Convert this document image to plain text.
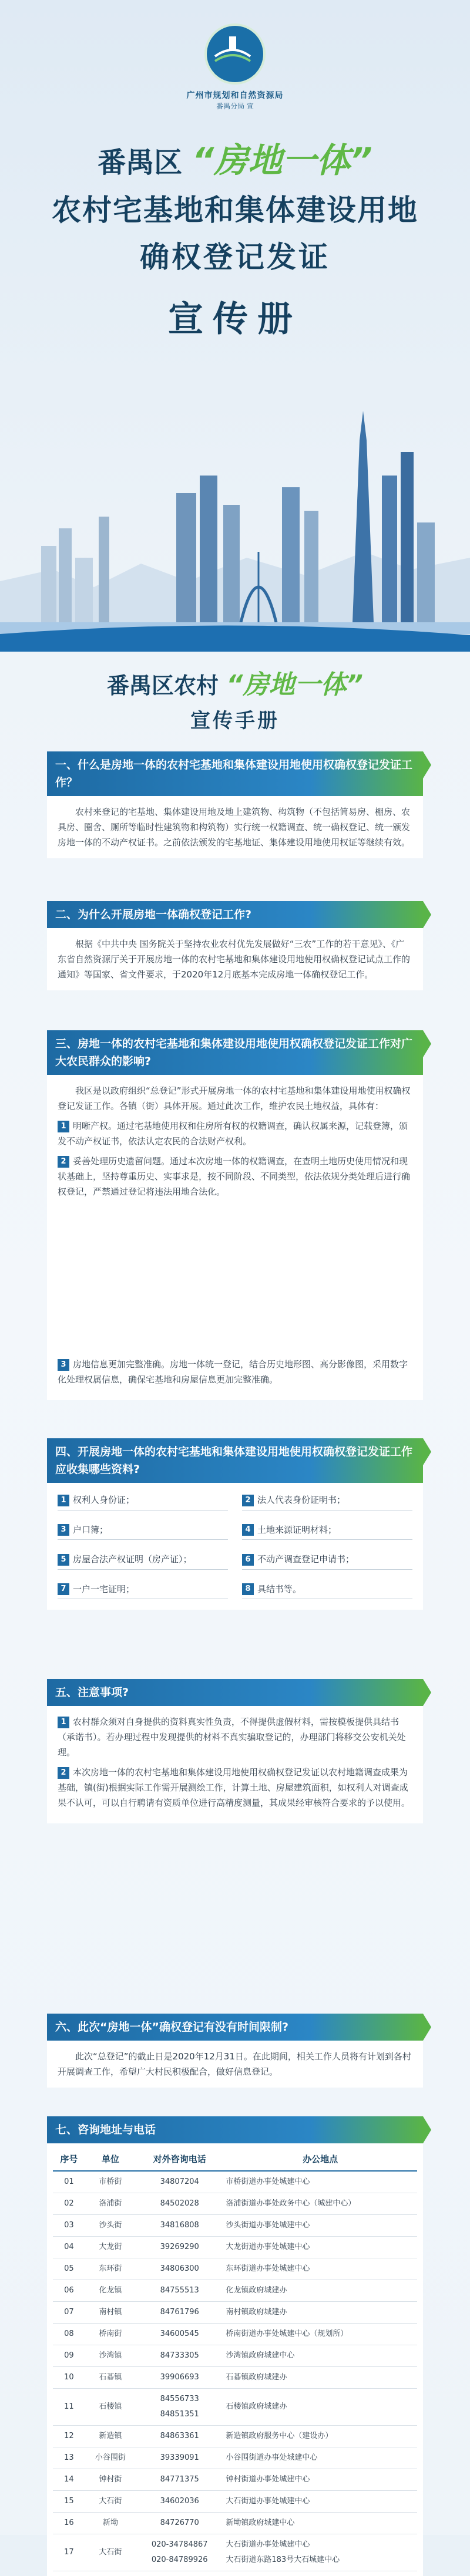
广州市规划和自然资源局
番禺分局 宣
番禺区 “房地一体”
农村宅基地和集体建设用地
确权登记发证
宣传册
番禺区农村 “房地一体”
宣传手册
一、什么是房地一体的农村宅基地和集体建设用地使用权确权登记发证工作？

农村来登记的宅基地、集体建设用地及地上建筑物、构筑物（不包括简易房、棚房、农具房、圈舍、厕所等临时性建筑物和构筑物）实行统一权籍调查、统一确权登记、统一颁发房地一体的不动产权证书。之前依法颁发的宅基地证、集体建设用地使用权证等继续有效。

二、为什么开展房地一体确权登记工作?

根据《中共中央 国务院关于坚持农业农村优先发展做好“三农”工作的若干意见》、《广东省自然资源厅关于开展房地一体的农村宅基地和集体建设用地使用权确权登记试点工作的通知》等国家、省文件要求，于2020年12月底基本完成房地一体确权登记工作。

三、房地一体的农村宅基地和集体建设用地使用权确权登记发证工作对广大农民群众的影响?

我区是以政府组织“总登记”形式开展房地一体的农村宅基地和集体建设用地使用权确权登记发证工作。各镇（街）具体开展。通过此次工作，维护农民土地权益，具体有：

1 明晰产权。通过宅基地使用权和住房所有权的权籍调查，确认权属来源，记载登簿，颁发不动产权证书，依法认定农民的合法财产权利。

2 妥善处理历史遗留问题。通过本次房地一体的权籍调查，在查明土地历史使用情况和现状基础上，坚持尊重历史、实事求是，按不同阶段、不同类型，依法依规分类处理后进行确权登记，严禁通过登记将违法用地合法化。

3 房地信息更加完整准确。房地一体统一登记，结合历史地形图、高分影像图，采用数字化处理权属信息，确保宅基地和房屋信息更加完整准确。

四、开展房地一体的农村宅基地和集体建设用地使用权确权登记发证工作应收集哪些资料?
1 权利人身份证；	2 法人代表身份证明书；
3 户口簿；	4 土地来源证明材料；
5 房屋合法产权证明（房产证）；	6 不动产调查登记申请书；
7 一户一宅证明；	8 具结书等。
五、注意事项?

1 农村群众须对自身提供的资料真实性负责，不得提供虚假材料，需按模板提供具结书（承诺书）。若办理过程中发现提供的材料不真实骗取登记的，办理部门将移交公安机关处理。

2 本次房地一体的农村宅基地和集体建设用地使用权确权登记发证以农村地籍调查成果为基础，镇(街)根据实际工作需开展测绘工作，计算土地、房屋建筑面积，如权利人对调查成果不认可，可以自行聘请有资质单位进行高精度测量，其成果经审核符合要求的予以使用。

六、此次“房地一体”确权登记有没有时间限制?

此次“总登记”的截止日是2020年12月31日。在此期间，相关工作人员将有计划到各村开展调查工作，希望广大村民积极配合，做好信息登记。

七、咨询地址与电话
序号	单位	对外咨询电话	办公地点
01	市桥街	34807204	市桥街道办事处城建中心
02	洛浦街	84502028	洛浦街道办事处政务中心（城建中心）
03	沙头街	34816808	沙头街道办事处城建中心
04	大龙街	39269290	大龙街道办事处城建中心
05	东环街	34806300	东环街道办事处城建中心
06	化龙镇	84755513	化龙镇政府城建办
07	南村镇	84761796	南村镇政府城建办
08	桥南街	34600545	桥南街道办事处城建中心（规划所）
09	沙湾镇	84733305	沙湾镇政府城建中心
10	石碁镇	39906693	石碁镇政府城建办
11	石楼镇	84556733
84851351	石楼镇政府城建办
12	新造镇	84863361	新造镇政府服务中心（建设办）
13	小谷围街	39339091	小谷围街道办事处城建中心
14	钟村街	84771375	钟村街道办事处城建中心
15	大石街	34602036	大石街道办事处城建中心
16	新坳	84726770	新坳镇政府城建中心
17	大石街	020-34784867
020-84789926	大石街道办事处城建中心
大石街道东路183号大石城建中心
